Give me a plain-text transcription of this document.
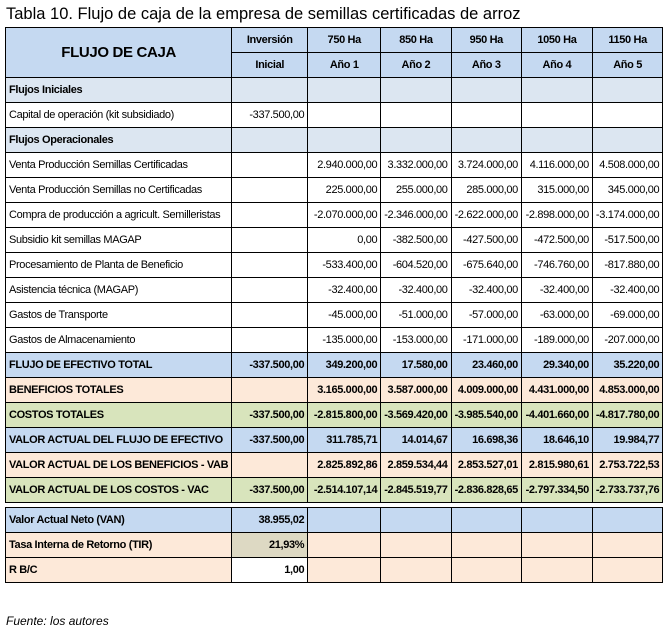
Tabla 10. Flujo de caja de la empresa de semillas certificadas de arroz
FLUJO DE CAJA	Inversión	750 Ha	850 Ha	950 Ha	1050 Ha	1150 Ha
	Inicial	Año 1	Año 2	Año 3	Año 4	Año 5
Flujos Iniciales						
Capital de operación (kit subsidiado)	-337.500,00					
Flujos Operacionales						
Venta Producción Semillas Certificadas		2.940.000,00	3.332.000,00	3.724.000,00	4.116.000,00	4.508.000,00
Venta Producción Semillas no Certificadas		225.000,00	255.000,00	285.000,00	315.000,00	345.000,00
Compra de producción a agricult. Semilleristas		-2.070.000,00	-2.346.000,00	-2.622.000,00	-2.898.000,00	-3.174.000,00
Subsidio kit semillas MAGAP		0,00	-382.500,00	-427.500,00	-472.500,00	-517.500,00
Procesamiento de Planta de Beneficio		-533.400,00	-604.520,00	-675.640,00	-746.760,00	-817.880,00
Asistencia técnica (MAGAP)		-32.400,00	-32.400,00	-32.400,00	-32.400,00	-32.400,00
Gastos de Transporte		-45.000,00	-51.000,00	-57.000,00	-63.000,00	-69.000,00
Gastos de Almacenamiento		-135.000,00	-153.000,00	-171.000,00	-189.000,00	-207.000,00
FLUJO DE EFECTIVO TOTAL	-337.500,00	349.200,00	17.580,00	23.460,00	29.340,00	35.220,00
BENEFICIOS TOTALES		3.165.000,00	3.587.000,00	4.009.000,00	4.431.000,00	4.853.000,00
COSTOS TOTALES	-337.500,00	-2.815.800,00	-3.569.420,00	-3.985.540,00	-4.401.660,00	-4.817.780,00
VALOR ACTUAL DEL FLUJO DE EFECTIVO	-337.500,00	311.785,71	14.014,67	16.698,36	18.646,10	19.984,77
VALOR ACTUAL DE LOS BENEFICIOS - VAB		2.825.892,86	2.859.534,44	2.853.527,01	2.815.980,61	2.753.722,53
VALOR ACTUAL DE LOS COSTOS - VAC	-337.500,00	-2.514.107,14	-2.845.519,77	-2.836.828,65	-2.797.334,50	-2.733.737,76

Valor Actual Neto (VAN)	38.955,02					
Tasa Interna de Retorno (TIR)	21,93%					
R B/C	1,00					
Fuente: los autores
